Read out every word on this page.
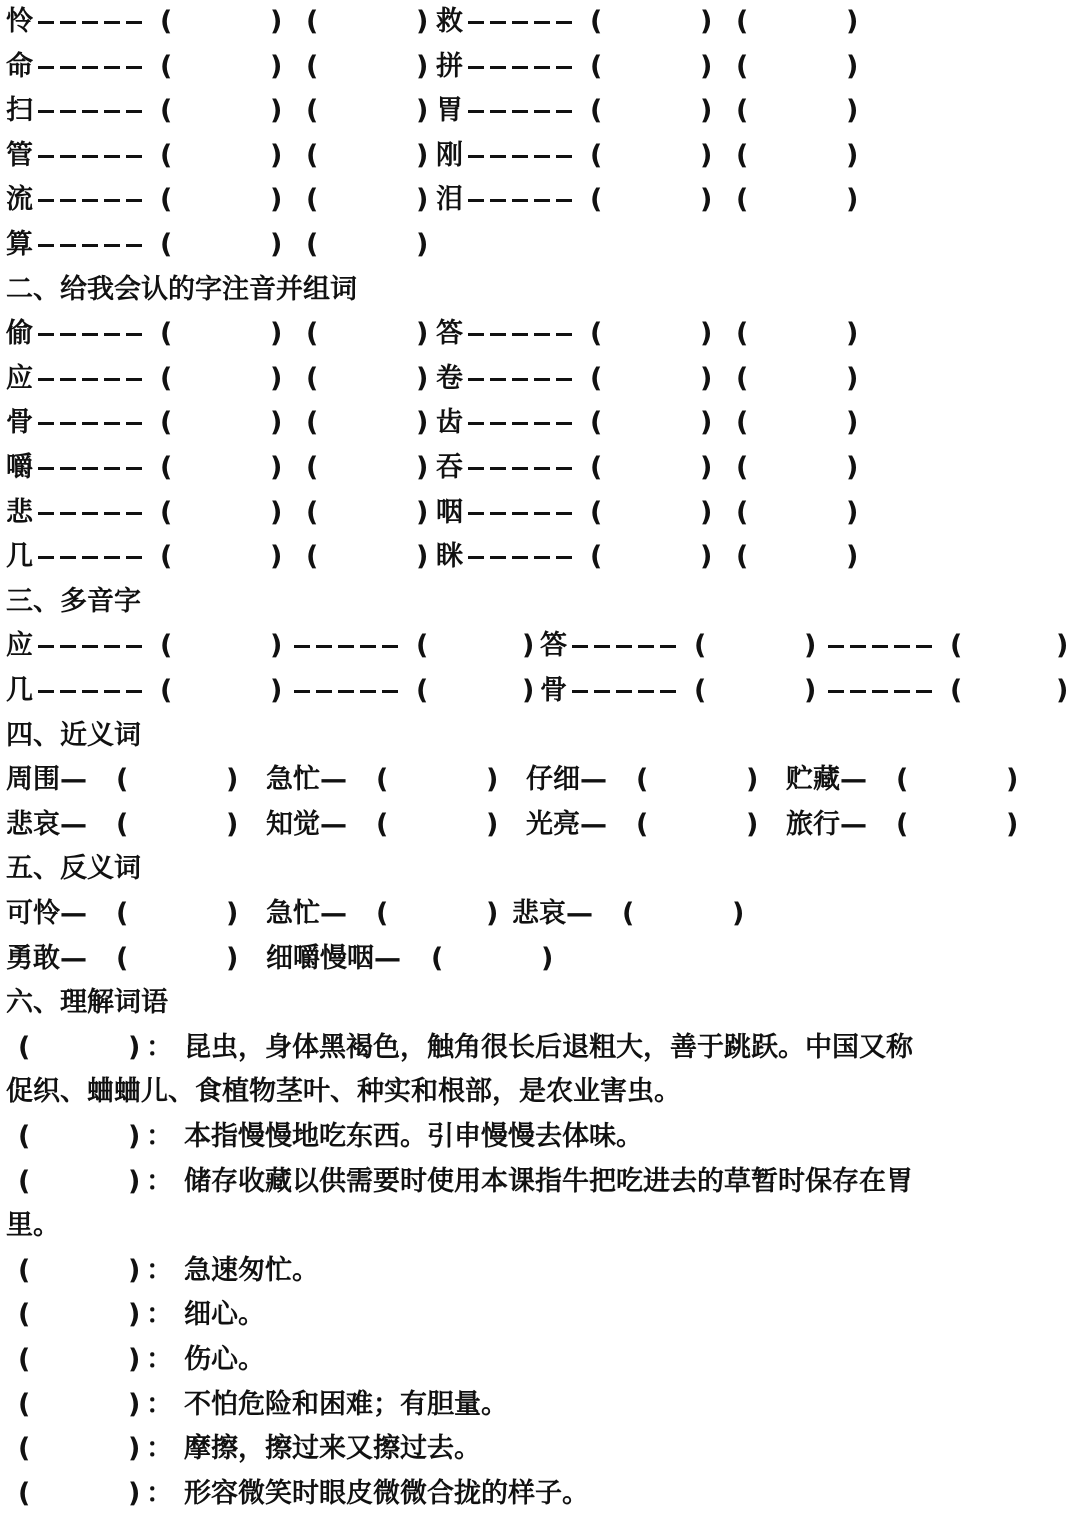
怜	(	) (	) 救	(	) (	)
命	(	) (	) 拼	(	) (	)
扫	(	) (	) 胃	(	) (	)
管	(	) (	) 刚	(	) (	)
流	(	) (	) 泪	(	) (	)
算	(	) (	)
二、给我会认的字注音并组词
偷	(	) (	) 答	(	) (	)
应	(	) (	) 卷	(	) (	)
骨	(	) (	) 齿	(	) (	)
嚼	(	) (	) 吞	(	) (	)
悲	(	) (	) 咽	(	) (	)
几	(	) (	) 眯	(	) (	)
三、多音字
应	(	)	(	) 答	(	)	(	)
几	(	)	(	) 骨	(	)	(	)
四、近义词
周围— (	) 急忙— (	) 仔细— (	) 贮藏— (	)
悲哀— (	) 知觉— (	) 光亮— (	) 旅行— (	)
五、反义词
可怜— (	) 急忙— (	) 悲哀— (	)
勇敢— (	) 细嚼慢咽— (	)
六、理解词语
(	) ： 昆虫，身体黑褐色，触角很长后退粗大，善于跳跃。中国又称
促织、蛐蛐儿、食植物茎叶、种实和根部，是农业害虫。
(	) ： 本指慢慢地吃东西。引申慢慢去体味。
(	) ： 储存收藏以供需要时使用本课指牛把吃进去的草暂时保存在胃
里。
(	) ： 急速匆忙。
(	) ： 细心。
(	) ： 伤心。
(	) ： 不怕危险和困难；有胆量。
(	) ： 摩擦，擦过来又擦过去。
(	) ： 形容微笑时眼皮微微合拢的样子。
